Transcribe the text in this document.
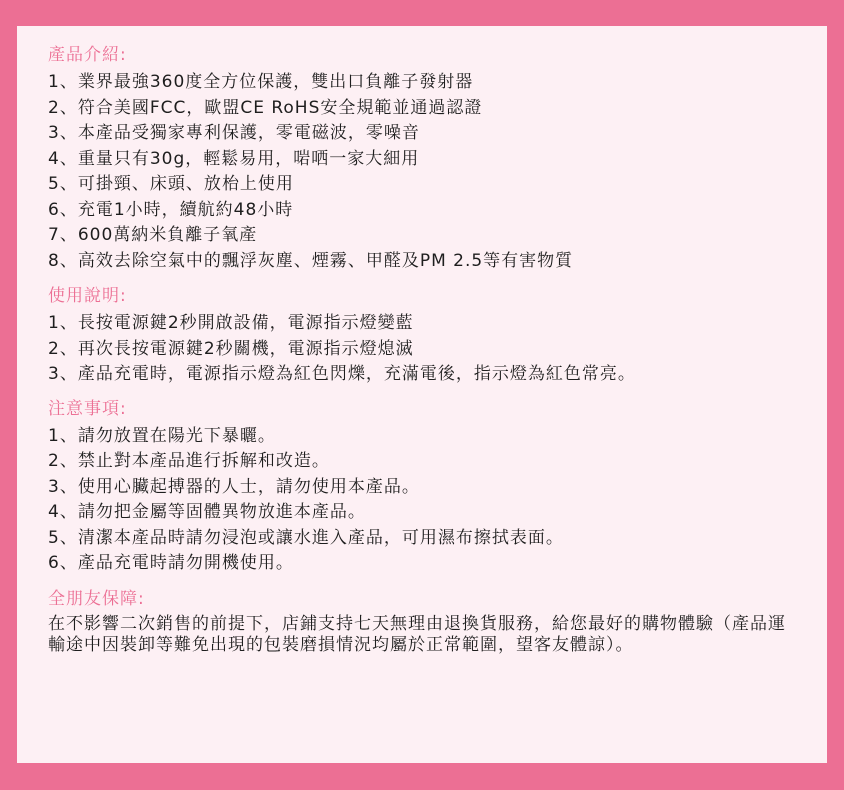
產品介紹:
1、業界最強360度全方位保護，雙出口負離子發射器
2、符合美國FCC，歐盟CE RoHS安全規範並通過認證
3、本產品受獨家專利保護，零電磁波，零噪音
4、重量只有30g，輕鬆易用，啱哂一家大細用
5、可掛頸、床頭、放枱上使用
6、充電1小時，續航約48小時
7、600萬納米負離子氧產
8、高效去除空氣中的飄浮灰塵、煙霧、甲醛及PM 2.5等有害物質
使用說明:
1、長按電源鍵2秒開啟設備，電源指示燈變藍
2、再次長按電源鍵2秒關機，電源指示燈熄滅
3、產品充電時，電源指示燈為紅色閃爍，充滿電後，指示燈為紅色常亮。
注意事項:
1、請勿放置在陽光下暴曬。
2、禁止對本產品進行拆解和改造。
3、使用心臟起搏器的人士，請勿使用本產品。
4、請勿把金屬等固體異物放進本產品。
5、清潔本產品時請勿浸泡或讓水進入產品，可用濕布擦拭表面。
6、產品充電時請勿開機使用。
全朋友保障:
在不影響二次銷售的前提下，店鋪支持七天無理由退換貨服務，給您最好的購物體驗（產品運輸途中因裝卸等難免出現的包裝磨損情況均屬於正常範圍，望客友體諒）。
